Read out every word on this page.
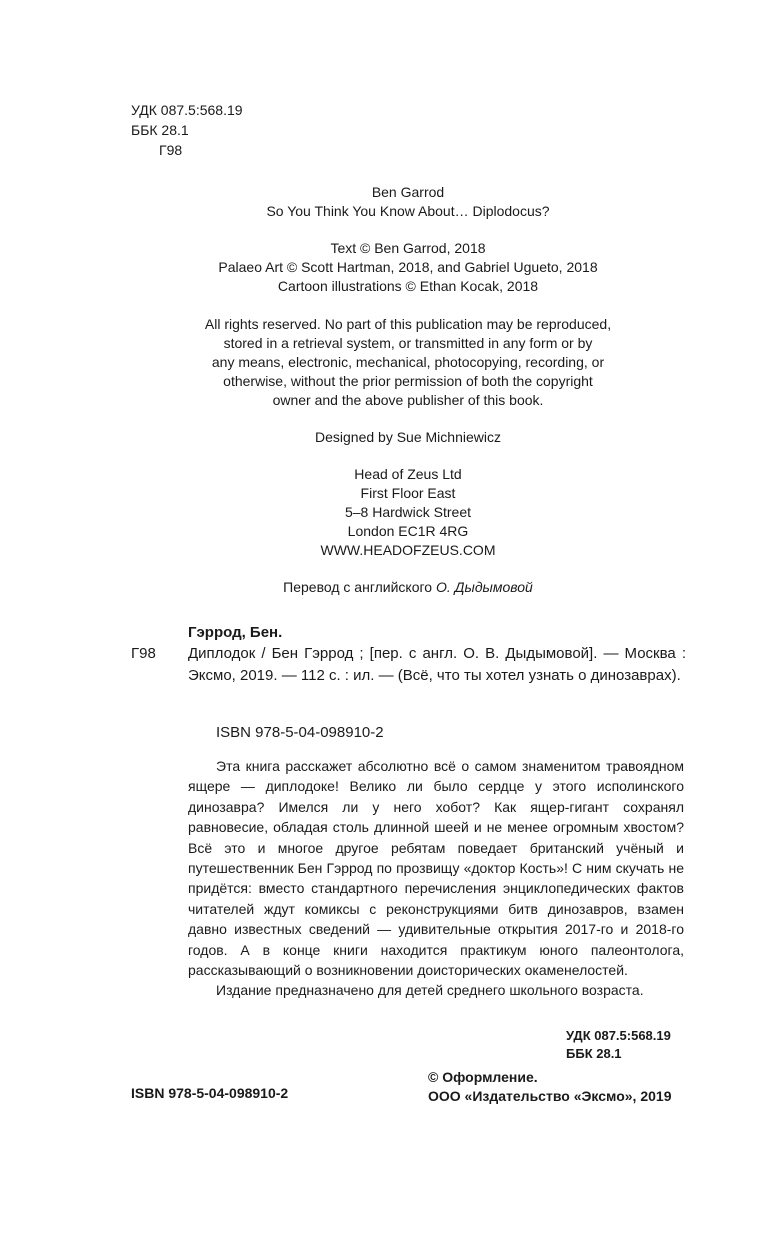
УДК 087.5:568.19
ББК 28.1
Г98
Ben Garrod
So You Think You Know About… Diplodocus?
Text © Ben Garrod, 2018
Palaeo Art © Scott Hartman, 2018, and Gabriel Ugueto, 2018
Cartoon illustrations © Ethan Kocak, 2018
All rights reserved. No part of this publication may be reproduced,
stored in a retrieval system, or transmitted in any form or by
any means, electronic, mechanical, photocopying, recording, or
otherwise, without the prior permission of both the copyright
owner and the above publisher of this book.
Designed by Sue Michniewicz
Head of Zeus Ltd
First Floor East
5–8 Hardwick Street
London EC1R 4RG
WWW.HEADOFZEUS.COM
Перевод с английского О. Дыдымовой
Гэррод, Бен.
Г98 Диплодок / Бен Гэррод ; [пер. с англ. О. В. Дыдымовой]. — Москва : Эксмо, 2019. — 112 с. : ил. — (Всё, что ты хотел узнать о динозаврах).
ISBN 978-5-04-098910-2

Эта книга расскажет абсолютно всё о самом знаменитом травоядном ящере — диплодоке! Велико ли было сердце у этого исполинского динозавра? Имелся ли у него хобот? Как ящер-гигант сохранял равновесие, обладая столь длинной шеей и не менее огромным хвостом? Всё это и многое другое ребятам поведает британский учёный и путешественник Бен Гэррод по прозвищу «доктор Кость»! С ним скучать не придётся: вместо стандартного перечисления энциклопедических фактов читателей ждут комиксы с реконструкциями битв динозавров, взамен давно известных сведений — удивительные открытия 2017-го и 2018-го годов. А в конце книги находится практикум юного палеонтолога, рассказывающий о возникновении доисторических окаменелостей.

Издание предназначено для детей среднего школьного возраста.

УДК 087.5:568.19
ББК 28.1
ISBN 978-5-04-098910-2
© Оформление.
ООО «Издательство «Эксмо», 2019
